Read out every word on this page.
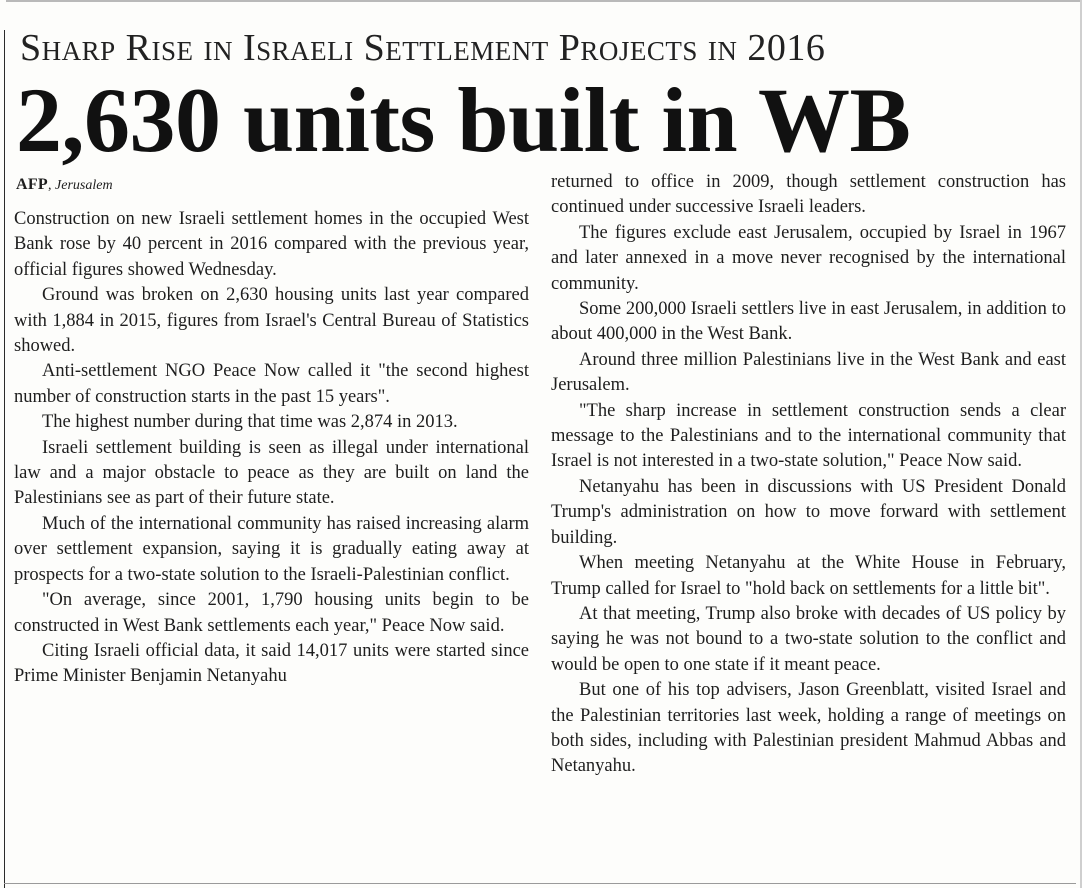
Sharp Rise in Israeli Settlement Projects in 2016
2,630 units built in WB
AFP, Jerusalem

Construction on new Israeli settlement homes in the occupied West Bank rose by 40 percent in 2016 compared with the previous year, official figures showed Wednesday.

Ground was broken on 2,630 housing units last year compared with 1,884 in 2015, figures from Israel's Central Bureau of Statistics showed.

Anti-settlement NGO Peace Now called it "the second highest number of construction starts in the past 15 years".

The highest number during that time was 2,874 in 2013.

Israeli settlement building is seen as illegal under international law and a major obstacle to peace as they are built on land the Palestinians see as part of their future state.

Much of the international community has raised increasing alarm over settlement expansion, saying it is gradually eating away at prospects for a two-state solution to the Israeli-Palestinian conflict.

"On average, since 2001, 1,790 housing units begin to be constructed in West Bank settlements each year," Peace Now said.

Citing Israeli official data, it said 14,017 units were started since Prime Minister Benjamin Netanyahu

returned to office in 2009, though settlement construction has continued under successive Israeli leaders.

The figures exclude east Jerusalem, occupied by Israel in 1967 and later annexed in a move never recognised by the international community.

Some 200,000 Israeli settlers live in east Jerusalem, in addition to about 400,000 in the West Bank.

Around three million Palestinians live in the West Bank and east Jerusalem.

"The sharp increase in settlement construction sends a clear message to the Palestinians and to the international community that Israel is not interested in a two-state solution," Peace Now said.

Netanyahu has been in discussions with US President Donald Trump's administration on how to move forward with settlement building.

When meeting Netanyahu at the White House in February, Trump called for Israel to "hold back on settlements for a little bit".

At that meeting, Trump also broke with decades of US policy by saying he was not bound to a two-state solution to the conflict and would be open to one state if it meant peace.

But one of his top advisers, Jason Greenblatt, visited Israel and the Palestinian territories last week, holding a range of meetings on both sides, including with Palestinian president Mahmud Abbas and Netanyahu.
